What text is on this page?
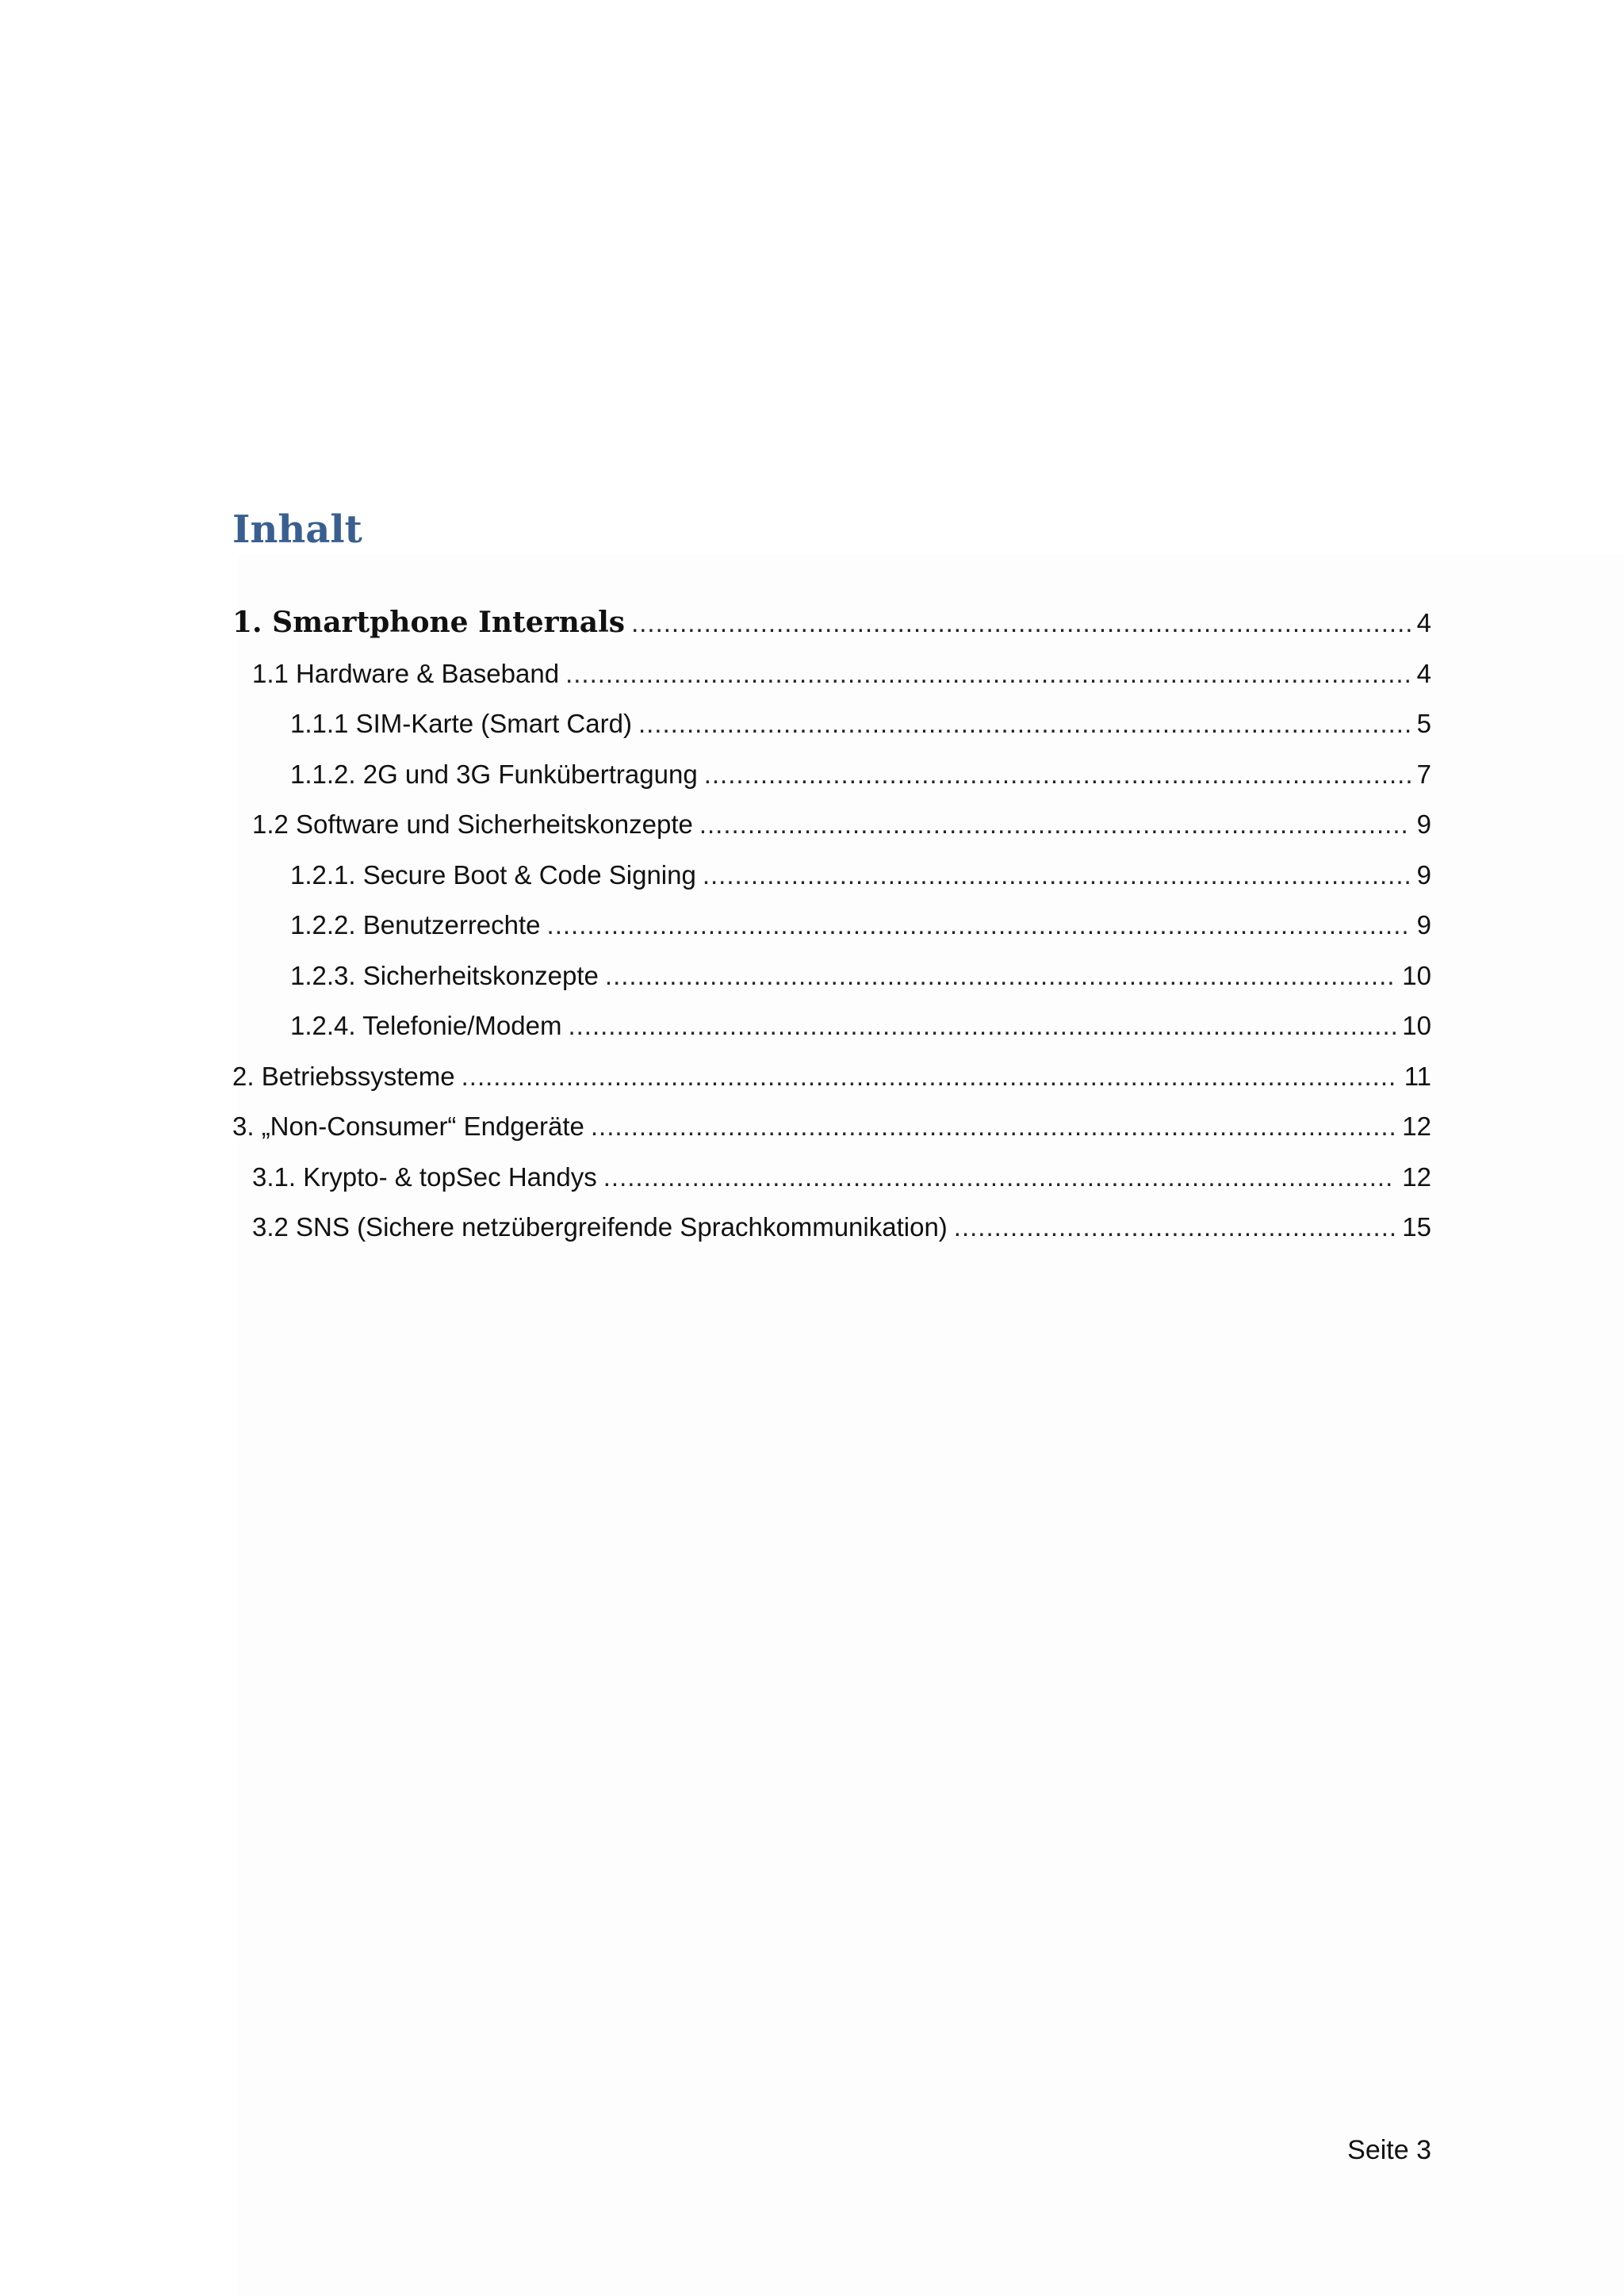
Inhalt
1. Smartphone Internals .....	4
1.1 Hardware & Baseband .....	4
1.1.1 SIM-Karte (Smart Card) .....	5
1.1.2. 2G und 3G Funkübertragung .....	7
1.2 Software und Sicherheitskonzepte .....	9
1.2.1. Secure Boot & Code Signing .....	9
1.2.2. Benutzerrechte .....	9
1.2.3. Sicherheitskonzepte .....	10
1.2.4. Telefonie/Modem .....	10
2. Betriebssysteme .....	11
3. „Non-Consumer“ Endgeräte .....	12
3.1. Krypto- & topSec Handys .....	12
3.2 SNS (Sichere netzübergreifende Sprachkommunikation) .....	15
Seite 3
